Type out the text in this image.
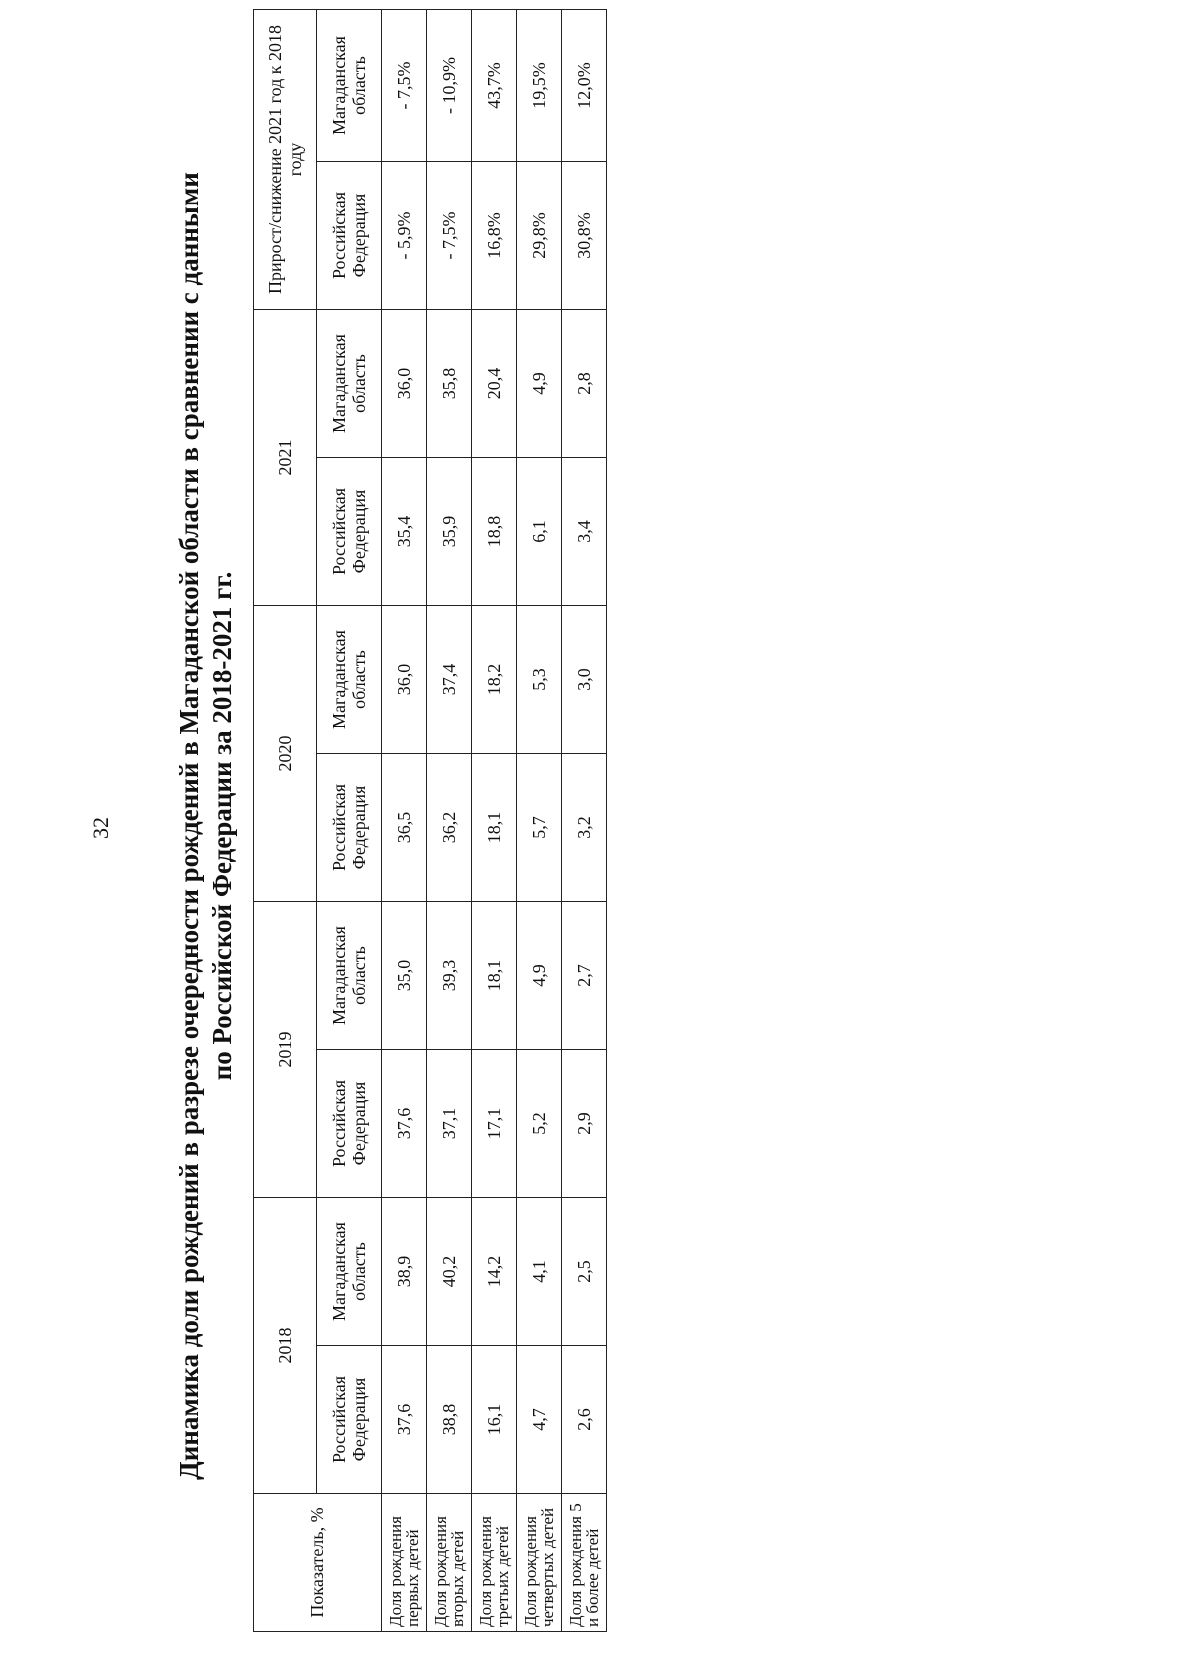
32 Динамика доли рождений в разрезе очередности рождений в Магаданской области в сравнении с данными по Российской Федерации за 2018-2021 гг.
Показатель, %	2018		2019		2020		2021		Прирост/снижение 2021 год к 2018 году	
	Российская Федерация	Магаданская область	Российская Федерация	Магаданская область	Российская Федерация	Магаданская область	Российская Федерация	Магаданская область	Российская Федерация	Магаданская область
Доля рождения первых детей	37,6	38,9	37,6	35,0	36,5	36,0	35,4	36,0	- 5,9%	- 7,5%
Доля рождения вторых детей	38,8	40,2	37,1	39,3	36,2	37,4	35,9	35,8	- 7,5%	- 10,9%
Доля рождения третьих детей	16,1	14,2	17,1	18,1	18,1	18,2	18,8	20,4	16,8%	43,7%
Доля рождения четвертых детей	4,7	4,1	5,2	4,9	5,7	5,3	6,1	4,9	29,8%	19,5%
Доля рождения 5 и более детей	2,6	2,5	2,9	2,7	3,2	3,0	3,4	2,8	30,8%	12,0%
